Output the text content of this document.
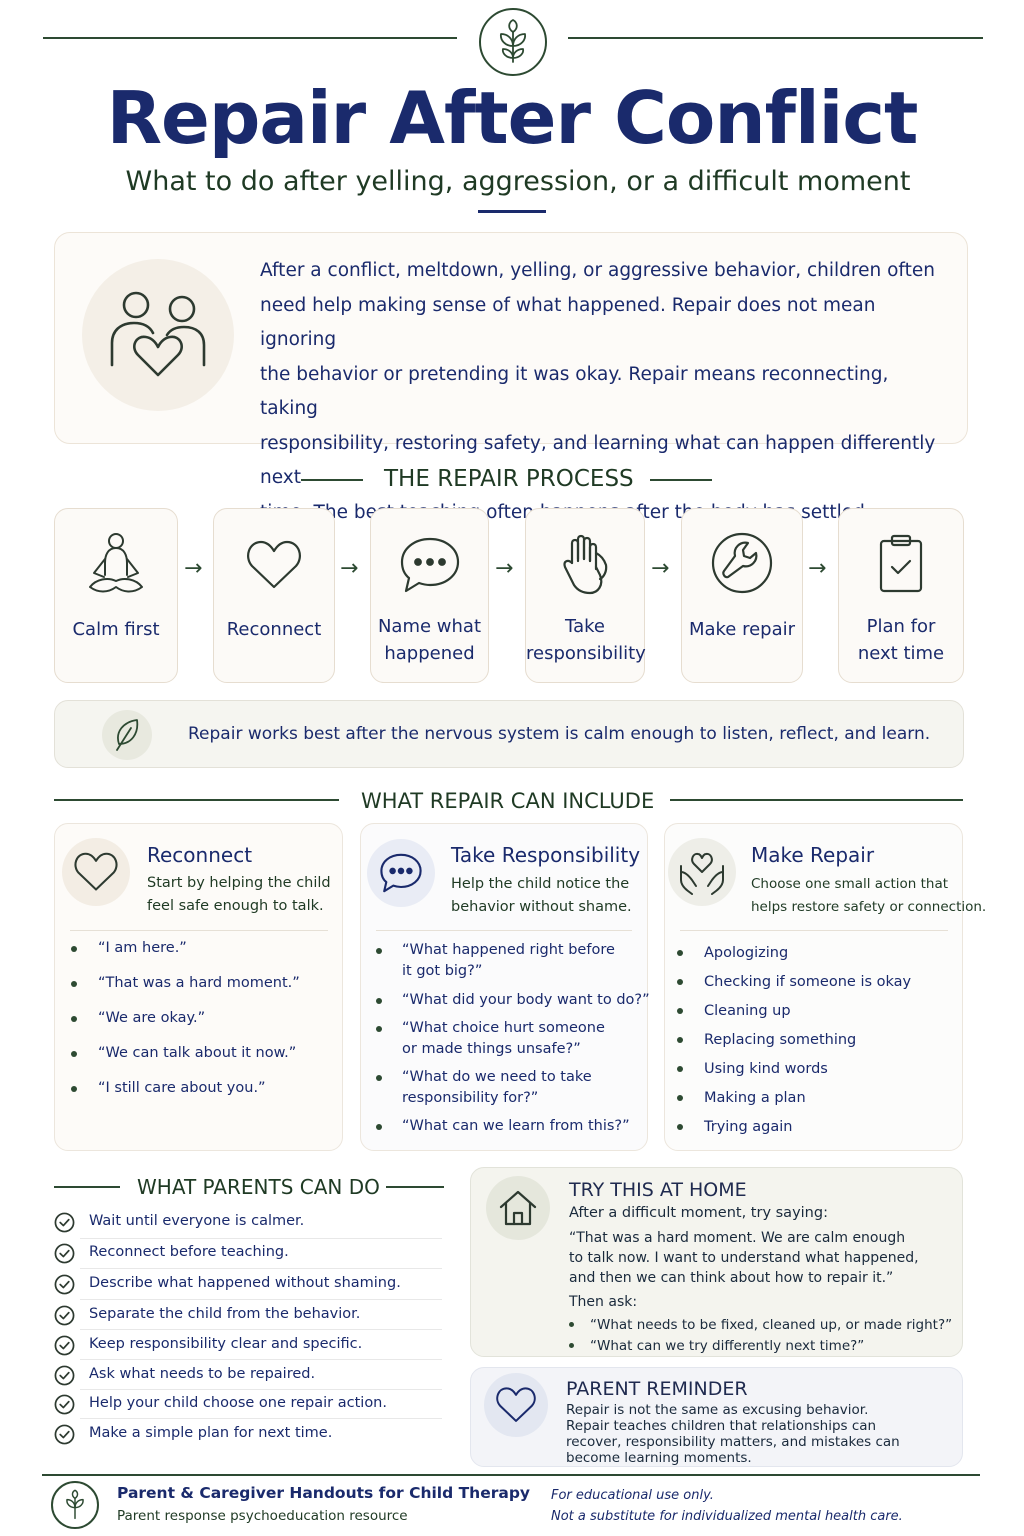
Repair After Conflict
What to do after yelling, aggression, or a difficult moment
After a conflict, meltdown, yelling, or aggressive behavior, children often
need help making sense of what happened. Repair does not mean ignoring
the behavior or pretending it was okay. Repair means reconnecting, taking
responsibility, restoring safety, and learning what can happen differently next
often after settled.
THE REPAIR PROCESS
Calm first
→
Reconnect
→
Name what
happened
→
Take
responsibility
→
Make repair
→
Plan for
next time
Repair works best after the nervous system is calm enough to listen, reflect, and learn.
WHAT REPAIR CAN INCLUDE
Reconnect
Start by helping the child
feel safe enough to talk.
“I am here.”
“That was a hard moment.”
“We are okay.”
“We can talk about it now.”
“I still care about you.”
Take Responsibility
Help the child notice the
behavior without shame.
“What happened right before
it got big?”
“What did your body want to do?”
“What choice hurt someone
or made things unsafe?”
“What do we need to take
responsibility for?”
“What can we learn from this?”
Make Repair
Choose one small action that
helps restore safety or connection.
Apologizing
Checking if someone is okay
Cleaning up
Replacing something
Using kind words
Making a plan
Trying again
WHAT PARENTS CAN DO
Wait until everyone is calmer.
Reconnect before teaching.
Describe what happened without shaming.
Separate the child from the behavior.
Keep responsibility clear and specific.
Ask what needs to be repaired.
Help your child choose one repair action.
Make a simple plan for next time.
TRY THIS AT HOME
After a difficult moment, try saying:
“That was a hard moment. We are calm enough
to talk now. I want to understand what happened,
and then we can think about how to repair it.”
Then ask:
“What needs to be fixed, cleaned up, or made right?”
“What can we try differently next time?”
PARENT REMINDER
Repair is not the same as excusing behavior.
Repair teaches children that relationships can
recover, responsibility matters, and mistakes can
become learning moments.
Parent & Caregiver Handouts for Child Therapy
Parent response psychoeducation resource
For educational use only.
Not a substitute for individualized mental health care.
